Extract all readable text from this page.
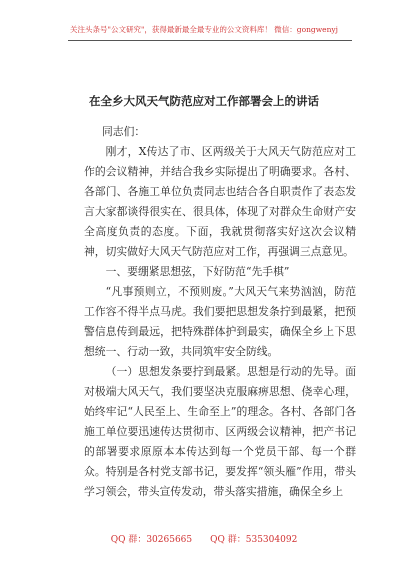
关注头条号"公文研究"，获得最新最全最专业的公文资料库！ 微信：gongwenyj
在全乡大风天气防范应对工作部署会上的讲话

同志们：

刚才，X传达了市、区两级关于大风天气防范应对工作的会议精神，并结合我乡实际提出了明确要求。各村、各部门、各施工单位负责同志也结合各自职责作了表态发言大家都谈得很实在、很具体，体现了对群众生命财产安全高度负责的态度。下面，我就贯彻落实好这次会议精神，切实做好大风天气防范应对工作，再强调三点意见。

一、要绷紧思想弦，下好防范“先手棋”

“凡事预则立，不预则废。”大风天气来势汹汹，防范工作容不得半点马虎。我们要把思想发条拧到最紧，把预警信息传到最远，把特殊群体护到最实，确保全乡上下思想统一、行动一致，共同筑牢安全防线。

（一）思想发条要拧到最紧。思想是行动的先导。面对极端大风天气，我们要坚决克服麻痹思想、侥幸心理，始终牢记“人民至上、生命至上”的理念。各村、各部门各施工单位要迅速传达贯彻市、区两级会议精神，把产书记的部署要求原原本本传达到每一个党员干部、每一个群众。特别是各村党支部书记，要发挥“领头雁”作用，带头学习领会，带头宣传发动，带头落实措施，确保全乡上

QQ 群：30265665 QQ 群：535304092
